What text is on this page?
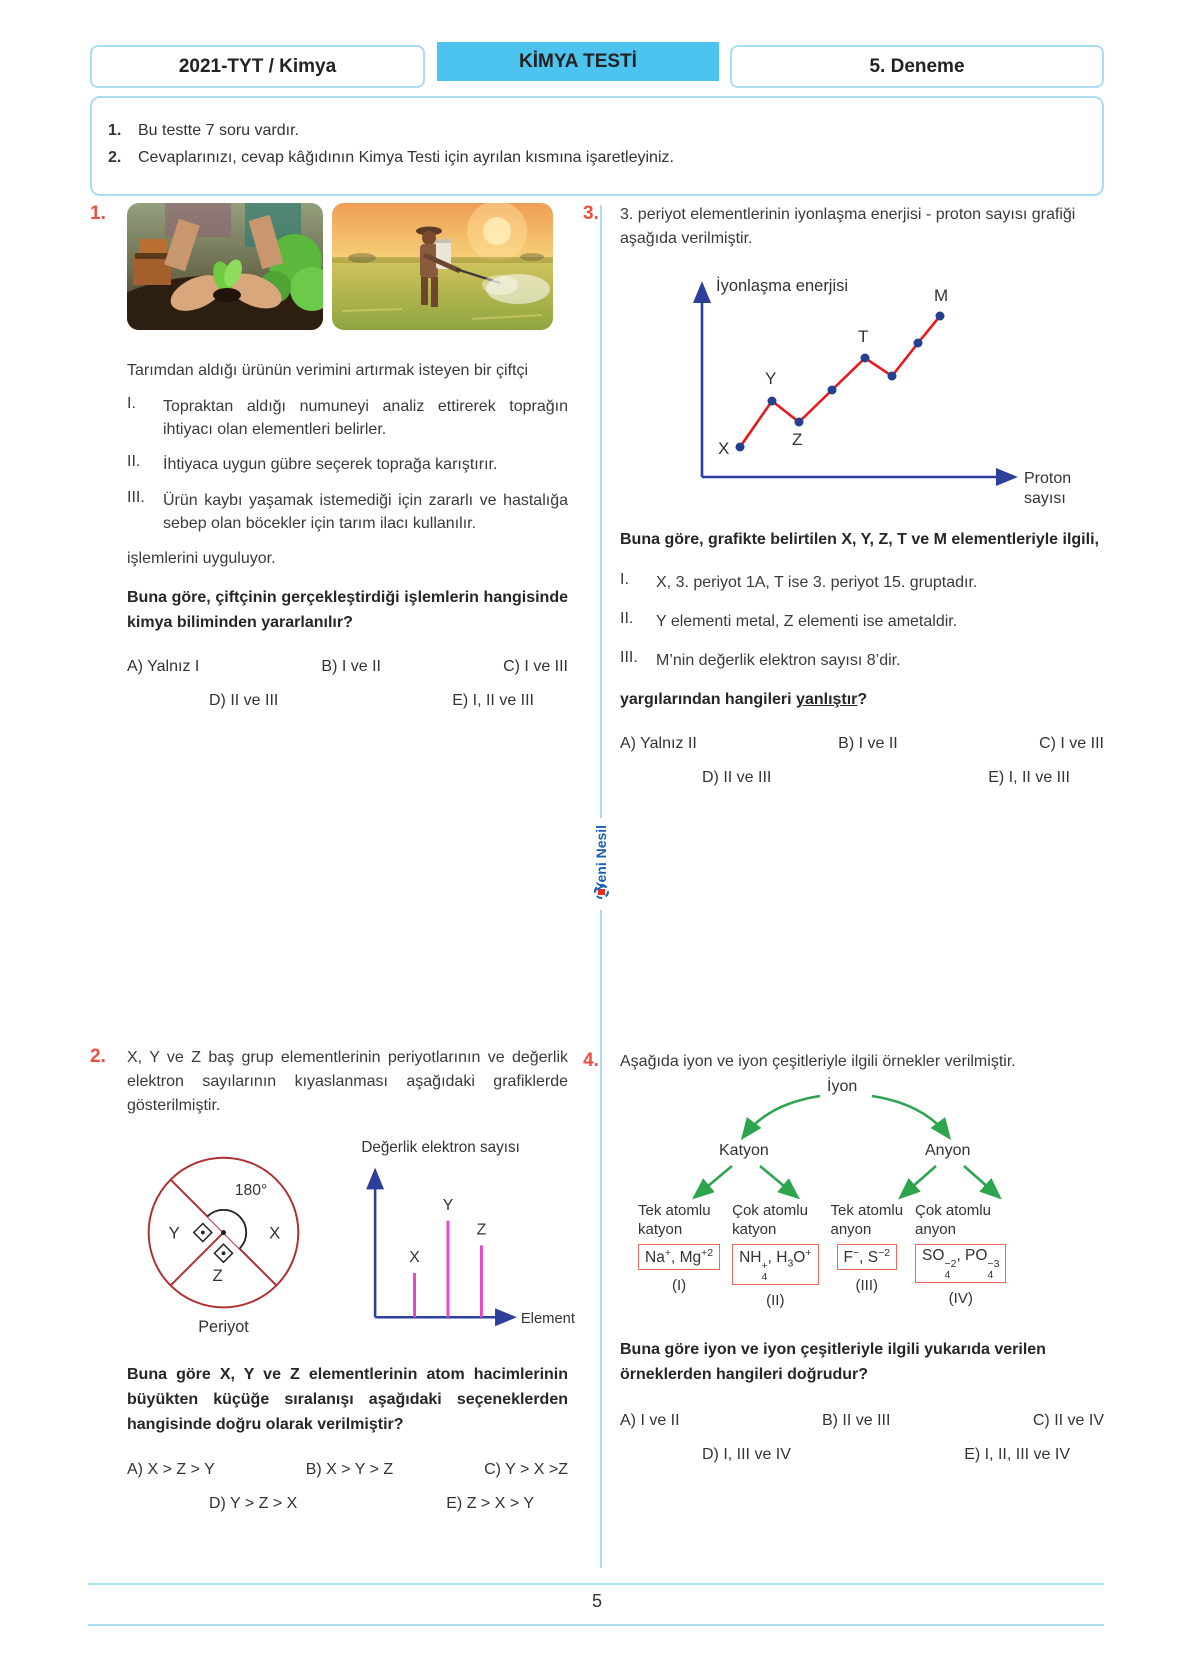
2021-TYT / Kimya	KİMYA TESTİ	5. Deneme
1.	Bu testte 7 soru vardır.
2.	Cevaplarınızı, cevap kâğıdının Kimya Testi için ayrılan kısmına işaretleyiniz.
Yeni Nesil
1.

Tarımdan aldığı ürünün verimini artırmak isteyen bir çiftçi

I.	Topraktan aldığı numuneyi analiz ettirerek toprağın ihtiyacı olan elementleri belirler.
II.	İhtiyaca uygun gübre seçerek toprağa karıştırır.
III.	Ürün kaybı yaşamak istemediği için zararlı ve hastalığa sebep olan böcekler için tarım ilacı kullanılır.

işlemlerini uyguluyor.

Buna göre, çiftçinin gerçekleştirdiği işlemlerin hangisinde kimya biliminden yararlanılır?

A) Yalnız I	B) I ve II	C) I ve III
D) II ve III	E) I, II ve III
3. 3. periyot elementlerinin iyonlaşma enerjisi - proton sayısı grafiği aşağıda verilmiştir.

İyonlaşma enerjisi
Proton
sayısı
X
Y
Z
T
M

Buna göre, grafikte belirtilen X, Y, Z, T ve M elementleriyle ilgili,

I.	X, 3. periyot 1A, T ise 3. periyot 15. gruptadır.
II.	Y elementi metal, Z elementi ise ametaldir.
III.	M’nin değerlik elektron sayısı 8’dir.

yargılarından hangileri yanlıştır?

A) Yalnız II	B) I ve II	C) I ve III
D) II ve III	E) I, II ve III
2. X, Y ve Z baş grup elementlerinin periyotlarının ve değerlik elektron sayılarının kıyaslanması aşağıdaki grafiklerde gösterilmiştir.

180°
Y	X
Z
Periyot
Değerlik elektron sayısı
X
Y
Z
Element

Buna göre X, Y ve Z elementlerinin atom hacimlerinin büyükten küçüğe sıralanışı aşağıdaki seçeneklerden hangisinde doğru olarak verilmiştir?

A) X > Z > Y	B) X > Y > Z	C) Y > X >Z
D) Y > Z > X	E) Z > X > Y
4. Aşağıda iyon ve iyon çeşitleriyle ilgili örnekler verilmiştir.

İyon
Katyon	Anyon
Tek atomlu
katyon
Na+, $Mg^{+2}$
(I)
Çok atomlu
katyon
NH
+
4
, $H_3O^+$
(II)
Tek atomlu
anyon
F−, $S^{-2}$
(III)
Çok atomlu
anyon
SO
−2
4
, PO
−3
4
(IV)

Buna göre iyon ve iyon çeşitleriyle ilgili yukarıda verilen örneklerden hangileri doğrudur?

A) I ve II	B) II ve III	C) II ve IV
D) I, III ve IV	E) I, II, III ve IV
5
